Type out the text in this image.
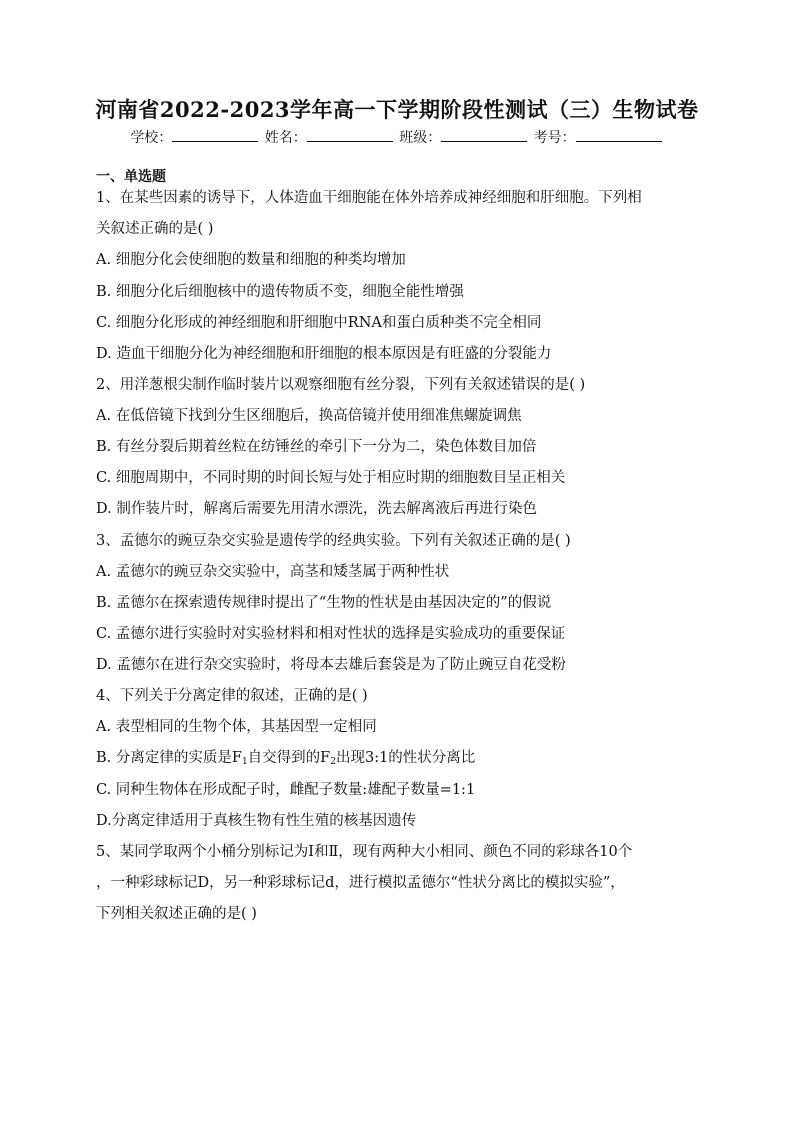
河南省2022-2023学年高一下学期阶段性测试（三）生物试卷
学校：	姓名：	班级：	考号：
一、单选题
1、在某些因素的诱导下，人体造血干细胞能在体外培养成神经细胞和肝细胞。下列相
关叙述正确的是( )
A. 细胞分化会使细胞的数量和细胞的种类均增加
B. 细胞分化后细胞核中的遗传物质不变，细胞全能性增强
C. 细胞分化形成的神经细胞和肝细胞中RNA和蛋白质种类不完全相同
D. 造血干细胞分化为神经细胞和肝细胞的根本原因是有旺盛的分裂能力
2、用洋葱根尖制作临时装片以观察细胞有丝分裂，下列有关叙述错误的是( )
A. 在低倍镜下找到分生区细胞后，换高倍镜并使用细准焦螺旋调焦
B. 有丝分裂后期着丝粒在纺锤丝的牵引下一分为二，染色体数目加倍
C. 细胞周期中，不同时期的时间长短与处于相应时期的细胞数目呈正相关
D. 制作装片时，解离后需要先用清水漂洗，洗去解离液后再进行染色
3、孟德尔的豌豆杂交实验是遗传学的经典实验。下列有关叙述正确的是( )
A. 孟德尔的豌豆杂交实验中，高茎和矮茎属于两种性状
B. 孟德尔在探索遗传规律时提出了“生物的性状是由基因决定的”的假说
C. 孟德尔进行实验时对实验材料和相对性状的选择是实验成功的重要保证
D. 孟德尔在进行杂交实验时，将母本去雄后套袋是为了防止豌豆自花受粉
4、下列关于分离定律的叙述，正确的是( )
A. 表型相同的生物个体，其基因型一定相同
B. 分离定律的实质是$F_1$自交得到的$F_2$出现3:1的性状分离比
C. 同种生物体在形成配子时，雌配子数量:雄配子数量=1:1
D.分离定律适用于真核生物有性生殖的核基因遗传
5、某同学取两个小桶分别标记为I和Ⅱ，现有两种大小相同、颜色不同的彩球各10个
，一种彩球标记D，另一种彩球标记d，进行模拟孟德尔“性状分离比的模拟实验”，
下列相关叙述正确的是( )
